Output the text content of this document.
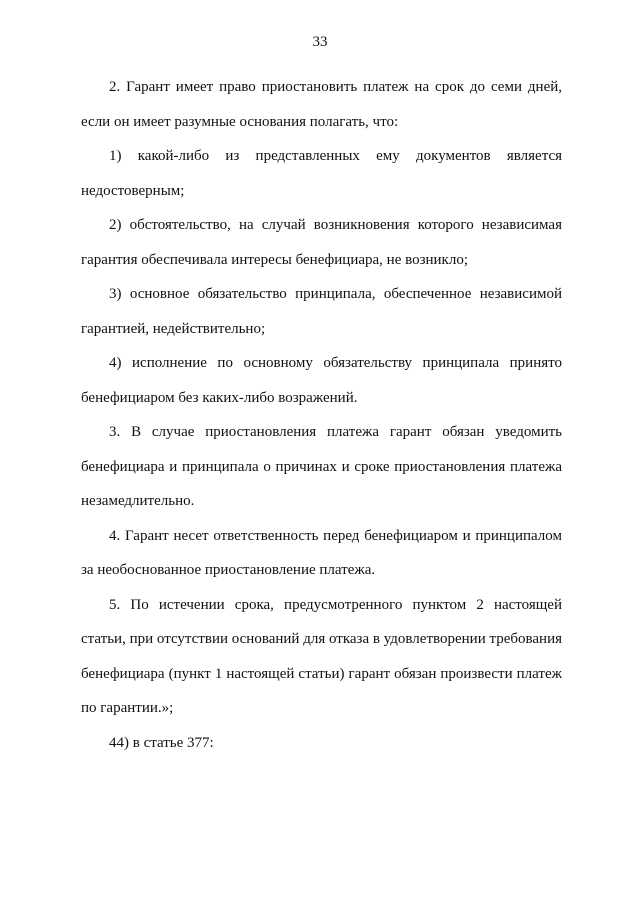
33

2. Гарант имеет право приостановить платеж на срок до семи дней, если он имеет разумные основания полагать, что:

1) какой-либо из представленных ему документов является недостоверным;

2) обстоятельство, на случай возникновения которого независимая гарантия обеспечивала интересы бенефициара, не возникло;

3) основное обязательство принципала, обеспеченное независимой гарантией, недействительно;

4) исполнение по основному обязательству принципала принято бенефициаром без каких-либо возражений.

3. В случае приостановления платежа гарант обязан уведомить бенефициара и принципала о причинах и сроке приостановления платежа незамедлительно.

4. Гарант несет ответственность перед бенефициаром и принципалом за необоснованное приостановление платежа.

5. По истечении срока, предусмотренного пунктом 2 настоящей статьи, при отсутствии оснований для отказа в удовлетворении требования бенефициара (пункт 1 настоящей статьи) гарант обязан произвести платеж по гарантии.»;

44) в статье 377:
